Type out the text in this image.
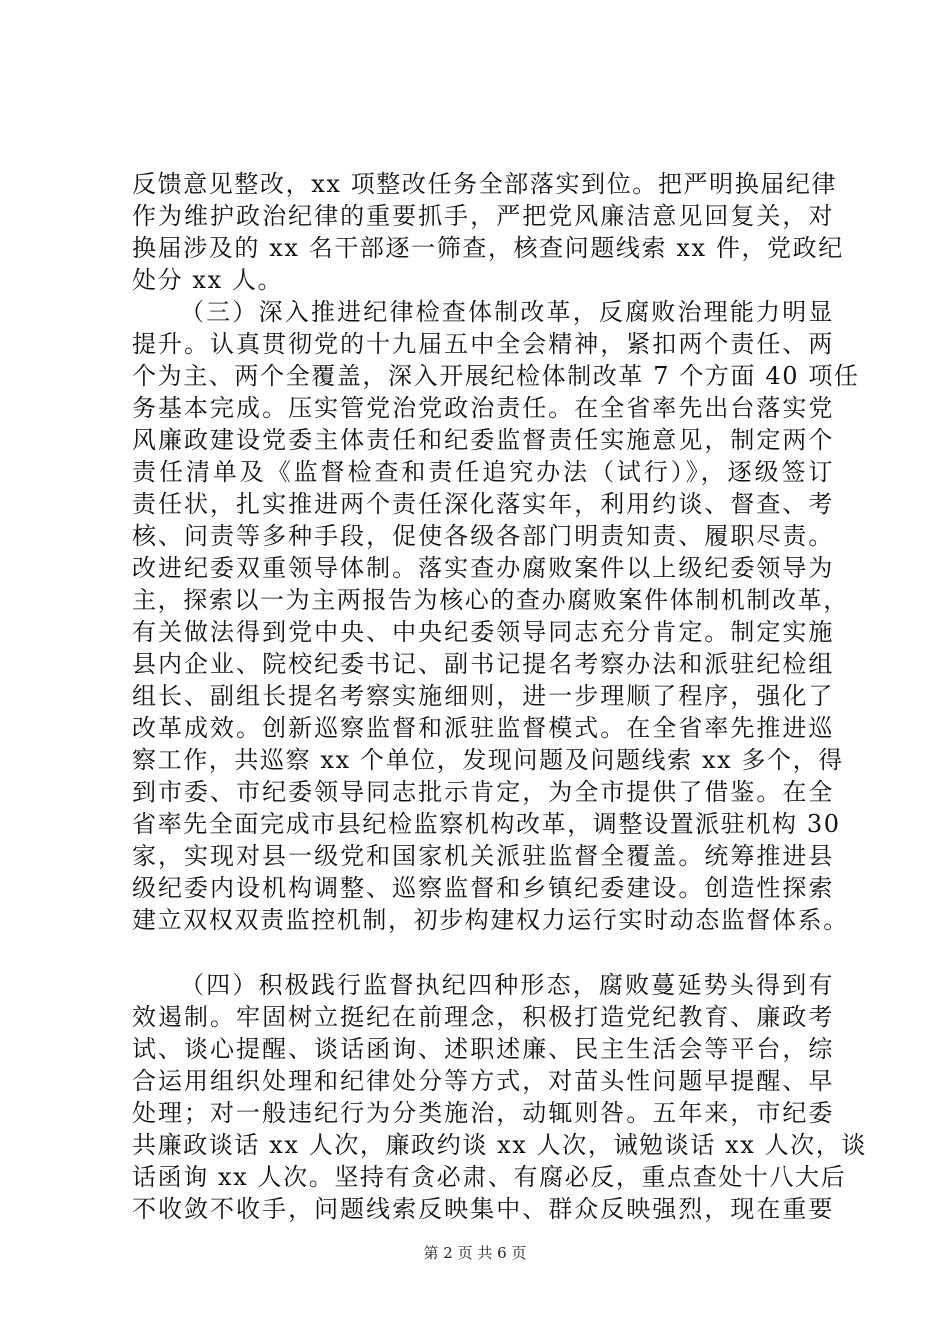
反馈意见整改，xx 项整改任务全部落实到位。把严明换届纪律
作为维护政治纪律的重要抓手，严把党风廉洁意见回复关，对
换届涉及的 xx 名干部逐一筛查，核查问题线索 xx 件，党政纪
处分 xx 人。
（三）深入推进纪律检查体制改革，反腐败治理能力明显
提升。认真贯彻党的十九届五中全会精神，紧扣两个责任、两
个为主、两个全覆盖，深入开展纪检体制改革 7 个方面 40 项任
务基本完成。压实管党治党政治责任。在全省率先出台落实党
风廉政建设党委主体责任和纪委监督责任实施意见，制定两个
责任清单及《监督检查和责任追究办法（试行）》，逐级签订
责任状，扎实推进两个责任深化落实年，利用约谈、督查、考
核、问责等多种手段，促使各级各部门明责知责、履职尽责。
改进纪委双重领导体制。落实查办腐败案件以上级纪委领导为
主，探索以一为主两报告为核心的查办腐败案件体制机制改革，
有关做法得到党中央、中央纪委领导同志充分肯定。制定实施
县内企业、院校纪委书记、副书记提名考察办法和派驻纪检组
组长、副组长提名考察实施细则，进一步理顺了程序，强化了
改革成效。创新巡察监督和派驻监督模式。在全省率先推进巡
察工作，共巡察 xx 个单位，发现问题及问题线索 xx 多个，得
到市委、市纪委领导同志批示肯定，为全市提供了借鉴。在全
省率先全面完成市县纪检监察机构改革，调整设置派驻机构 30
家，实现对县一级党和国家机关派驻监督全覆盖。统筹推进县
级纪委内设机构调整、巡察监督和乡镇纪委建设。创造性探索
建立双权双责监控机制，初步构建权力运行实时动态监督体系。
（四）积极践行监督执纪四种形态，腐败蔓延势头得到有
效遏制。牢固树立挺纪在前理念，积极打造党纪教育、廉政考
试、谈心提醒、谈话函询、述职述廉、民主生活会等平台，综
合运用组织处理和纪律处分等方式，对苗头性问题早提醒、早
处理；对一般违纪行为分类施治，动辄则咎。五年来，市纪委
共廉政谈话 xx 人次，廉政约谈 xx 人次，诫勉谈话 xx 人次，谈
话函询 xx 人次。坚持有贪必肃、有腐必反，重点查处十八大后
不收敛不收手，问题线索反映集中、群众反映强烈，现在重要
第 2 页 共 6 页
